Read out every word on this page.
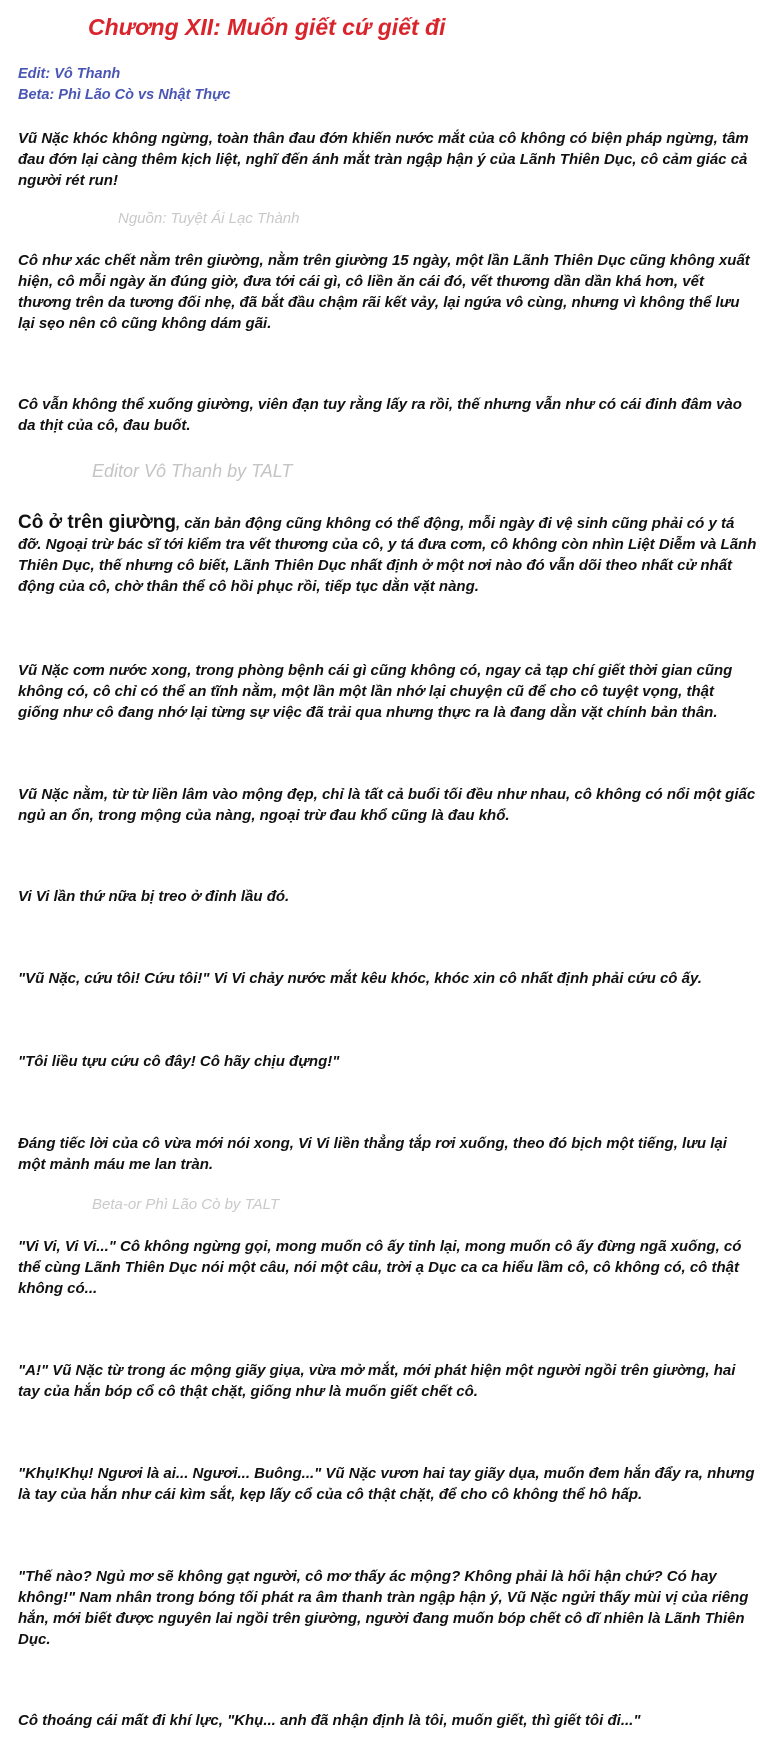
Chương XII: Muốn giết cứ giết đi

Edit: Vô Thanh

Beta: Phì Lão Cò vs Nhật Thực

Vũ Nặc khóc không ngừng, toàn thân đau đớn khiến nước mắt của cô không có biện pháp ngừng, tâm đau đớn lại càng thêm kịch liệt, nghĩ đến ánh mắt tràn ngập hận ý của Lãnh Thiên Dục, cô cảm giác cả người rét run!

Nguồn: Tuyệt Ái Lạc Thành

Cô như xác chết nằm trên giường, nằm trên giường 15 ngày, một lần Lãnh Thiên Dục cũng không xuất hiện, cô mỗi ngày ăn đúng giờ, đưa tới cái gì, cô liền ăn cái đó, vết thương dần dần khá hơn, vết thương trên da tương đối nhẹ, đã bắt đầu chậm rãi kết vảy, lại ngứa vô cùng, nhưng vì không thể lưu lại sẹo nên cô cũng không dám gãi.

Cô vẫn không thể xuống giường, viên đạn tuy rằng lấy ra rồi, thế nhưng vẫn như có cái đinh đâm vào da thịt của cô, đau buốt.

Editor Vô Thanh by TALT

Cô ở trên giường, căn bản động cũng không có thể động, mỗi ngày đi vệ sinh cũng phải có y tá đỡ. Ngoại trừ bác sĩ tới kiểm tra vết thương của cô, y tá đưa cơm, cô không còn nhìn Liệt Diễm và Lãnh Thiên Dục, thế nhưng cô biết, Lãnh Thiên Dục nhất định ở một nơi nào đó vẫn dõi theo nhất cử nhất động của cô, chờ thân thể cô hồi phục rồi, tiếp tục dằn vặt nàng.

Vũ Nặc cơm nước xong, trong phòng bệnh cái gì cũng không có, ngay cả tạp chí giết thời gian cũng không có, cô chỉ có thể an tĩnh nằm, một lần một lần nhớ lại chuyện cũ để cho cô tuyệt vọng, thật giống như cô đang nhớ lại từng sự việc đã trải qua nhưng thực ra là đang dằn vặt chính bản thân.

Vũ Nặc nằm, từ từ liền lâm vào mộng đẹp, chỉ là tất cả buổi tối đều như nhau, cô không có nổi một giấc ngủ an ổn, trong mộng của nàng, ngoại trừ đau khổ cũng là đau khổ.

Vi Vi lần thứ nữa bị treo ở đỉnh lầu đó.

"Vũ Nặc, cứu tôi! Cứu tôi!" Vi Vi chảy nước mắt kêu khóc, khóc xin cô nhất định phải cứu cô ấy.

"Tôi liều tựu cứu cô đây! Cô hãy chịu đựng!"

Đáng tiếc lời của cô vừa mới nói xong, Vi Vi liền thẳng tắp rơi xuống, theo đó bịch một tiếng, lưu lại một mảnh máu me lan tràn.

Beta-or Phì Lão Cò by TALT

"Vi Vi, Vi Vi..." Cô không ngừng gọi, mong muốn cô ấy tỉnh lại, mong muốn cô ấy đừng ngã xuống, có thể cùng Lãnh Thiên Dục nói một câu, nói một câu, trời ạ Dục ca ca hiểu lầm cô, cô không có, cô thật không có...

"A!" Vũ Nặc từ trong ác mộng giãy giụa, vừa mở mắt, mới phát hiện một người ngồi trên giường, hai tay của hắn bóp cổ cô thật chặt, giống như là muốn giết chết cô.

"Khụ!Khụ! Ngươi là ai... Ngươi... Buông..." Vũ Nặc vươn hai tay giãy dụa, muốn đem hắn đẩy ra, nhưng là tay của hắn như cái kìm sắt, kẹp lấy cổ của cô thật chặt, để cho cô không thể hô hấp.

"Thế nào? Ngủ mơ sẽ không gạt người, cô mơ thấy ác mộng? Không phải là hối hận chứ? Có hay không!" Nam nhân trong bóng tối phát ra âm thanh tràn ngập hận ý, Vũ Nặc ngửi thấy mùi vị của riêng hắn, mới biết được nguyên lai ngồi trên giường, người đang muốn bóp chết cô dĩ nhiên là Lãnh Thiên Dục.

Cô thoáng cái mất đi khí lực, "Khụ... anh đã nhận định là tôi, muốn giết, thì giết tôi đi..."
